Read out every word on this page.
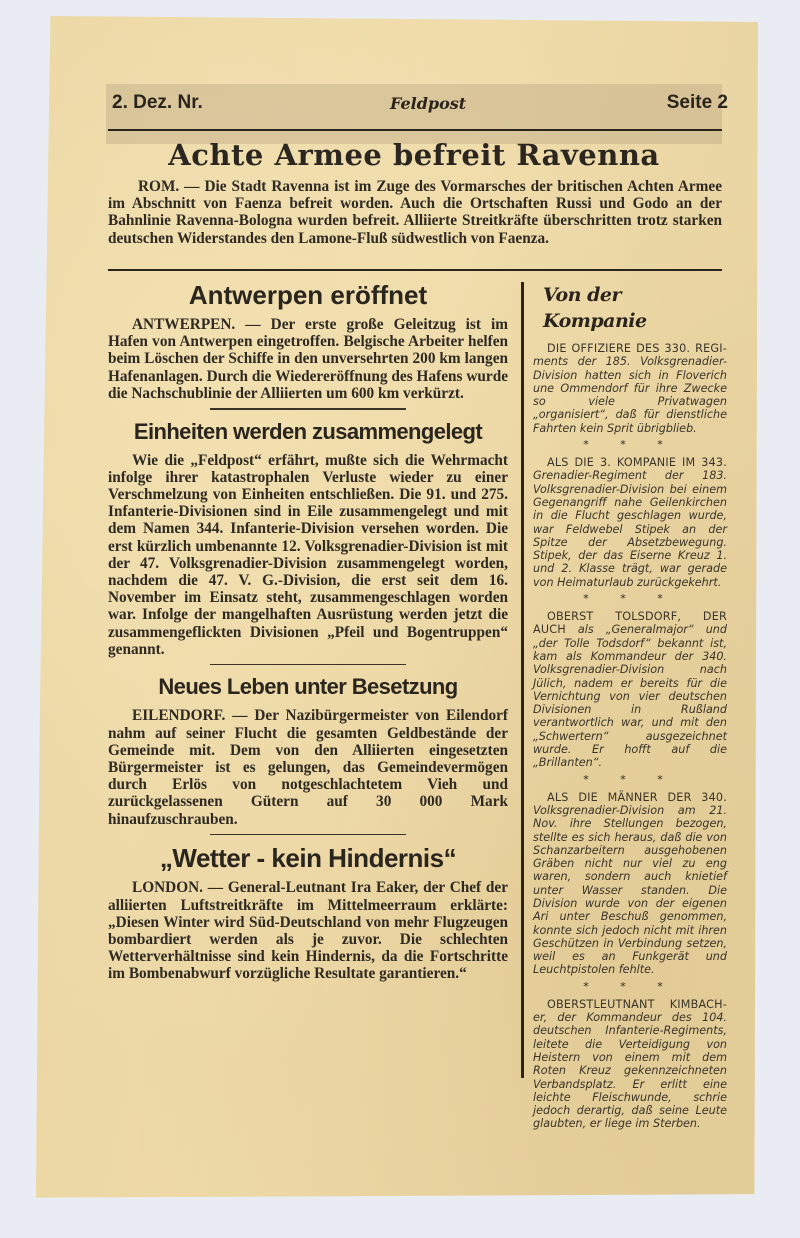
2. Dez. Nr.	Feldpost	Seite 2
Achte Armee befreit Ravenna

ROM. — Die Stadt Ravenna ist im Zuge des Vormarsches der britischen Achten Armee im Abschnitt von Faenza befreit worden. Auch die Ortschaften Russi und Godo an der Bahnlinie Ravenna-Bologna wurden befreit. Alliierte Streitkräfte überschritten trotz starken deutschen Widerstandes den Lamone-Fluß südwestlich von Faenza.

Antwerpen eröffnet

ANTWERPEN. — Der erste große Geleitzug ist im Hafen von Antwerpen eingetroffen. Belgische Arbeiter helfen beim Löschen der Schiffe in den unversehrten 200 km langen Hafenanlagen. Durch die Wiedereröffnung des Hafens wurde die Nachschublinie der Alliierten um 600 km verkürzt.

Einheiten werden zusammengelegt

Wie die „Feldpost“ erfährt, mußte sich die Wehrmacht infolge ihrer katastrophalen Verluste wieder zu einer Verschmelzung von Einheiten entschließen. Die 91. und 275. Infanterie-Divisionen sind in Eile zusammengelegt und mit dem Namen 344. Infanterie-Division versehen worden. Die erst kürzlich umbenannte 12. Volksgrenadier-Division ist mit der 47. Volksgrenadier-Division zusammengelegt worden, nachdem die 47. V. G.-Division, die erst seit dem 16. November im Einsatz steht, zusammengeschlagen worden war. Infolge der mangelhaften Ausrüstung werden jetzt die zusammengeflickten Divisionen „Pfeil und Bogentruppen“ genannt.

Neues Leben unter Besetzung

EILENDORF. — Der Nazibürgermeister von Eilendorf nahm auf seiner Flucht die gesamten Geldbestände der Gemeinde mit. Dem von den Alliierten eingesetzten Bürgermeister ist es gelungen, das Gemeindevermögen durch Erlös von notgeschlachtetem Vieh und zurückgelassenen Gütern auf 30 000 Mark hinaufzuschrauben.

„Wetter - kein Hindernis“

LONDON. — General-Leutnant Ira Eaker, der Chef der alliierten Luftstreitkräfte im Mittelmeerraum erklärte: „Diesen Winter wird Süd-Deutschland von mehr Flugzeugen bombardiert werden als je zuvor. Die schlechten Wetterverhältnisse sind kein Hindernis, da die Fortschritte im Bombenabwurf vorzügliche Resultate garantieren.“

Von der Kompanie

DIE OFFIZIERE DES 330. REGI- ments der 185. Volksgrenadier-Division hatten sich in Floverich une Ommendorf für ihre Zwecke so viele Privatwagen „organisiert“, daß für dienstliche Fahrten kein Sprit übrigblieb.

* * *

ALS DIE 3. KOMPANIE IM 343. Grenadier-Regiment der 183. Volksgrenadier-Division bei einem Gegenangriff nahe Geilenkirchen in die Flucht geschlagen wurde, war Feldwebel Stipek an der Spitze der Absetzbewegung. Stipek, der das Eiserne Kreuz 1. und 2. Klasse trägt, war gerade von Heimaturlaub zurückgekehrt.

* * *

OBERST TOLSDORF, DER AUCH als „Generalmajor“ und „der Tolle Todsdorf“ bekannt ist, kam als Kommandeur der 340. Volksgrenadier-Division nach Jülich, nadem er bereits für die Vernichtung von vier deutschen Divisionen in Rußland verantwortlich war, und mit den „Schwertern“ ausgezeichnet wurde. Er hofft auf die „Brillanten“.

* * *

ALS DIE MÄNNER DER 340. Volksgrenadier-Division am 21. Nov. ihre Stellungen bezogen, stellte es sich heraus, daß die von Schanzarbeitern ausgehobenen Gräben nicht nur viel zu eng waren, sondern auch knietief unter Wasser standen. Die Division wurde von der eigenen Ari unter Beschuß genommen, konnte sich jedoch nicht mit ihren Geschützen in Verbindung setzen, weil es an Funkgerät und Leuchtpistolen fehlte.

* * *

OBERSTLEUTNANT KIMBACH- er, der Kommandeur des 104. deutschen Infanterie-Regiments, leitete die Verteidigung von Heistern von einem mit dem Roten Kreuz gekennzeichneten Verbandsplatz. Er erlitt eine leichte Fleischwunde, schrie jedoch derartig, daß seine Leute glaubten, er liege im Sterben.
